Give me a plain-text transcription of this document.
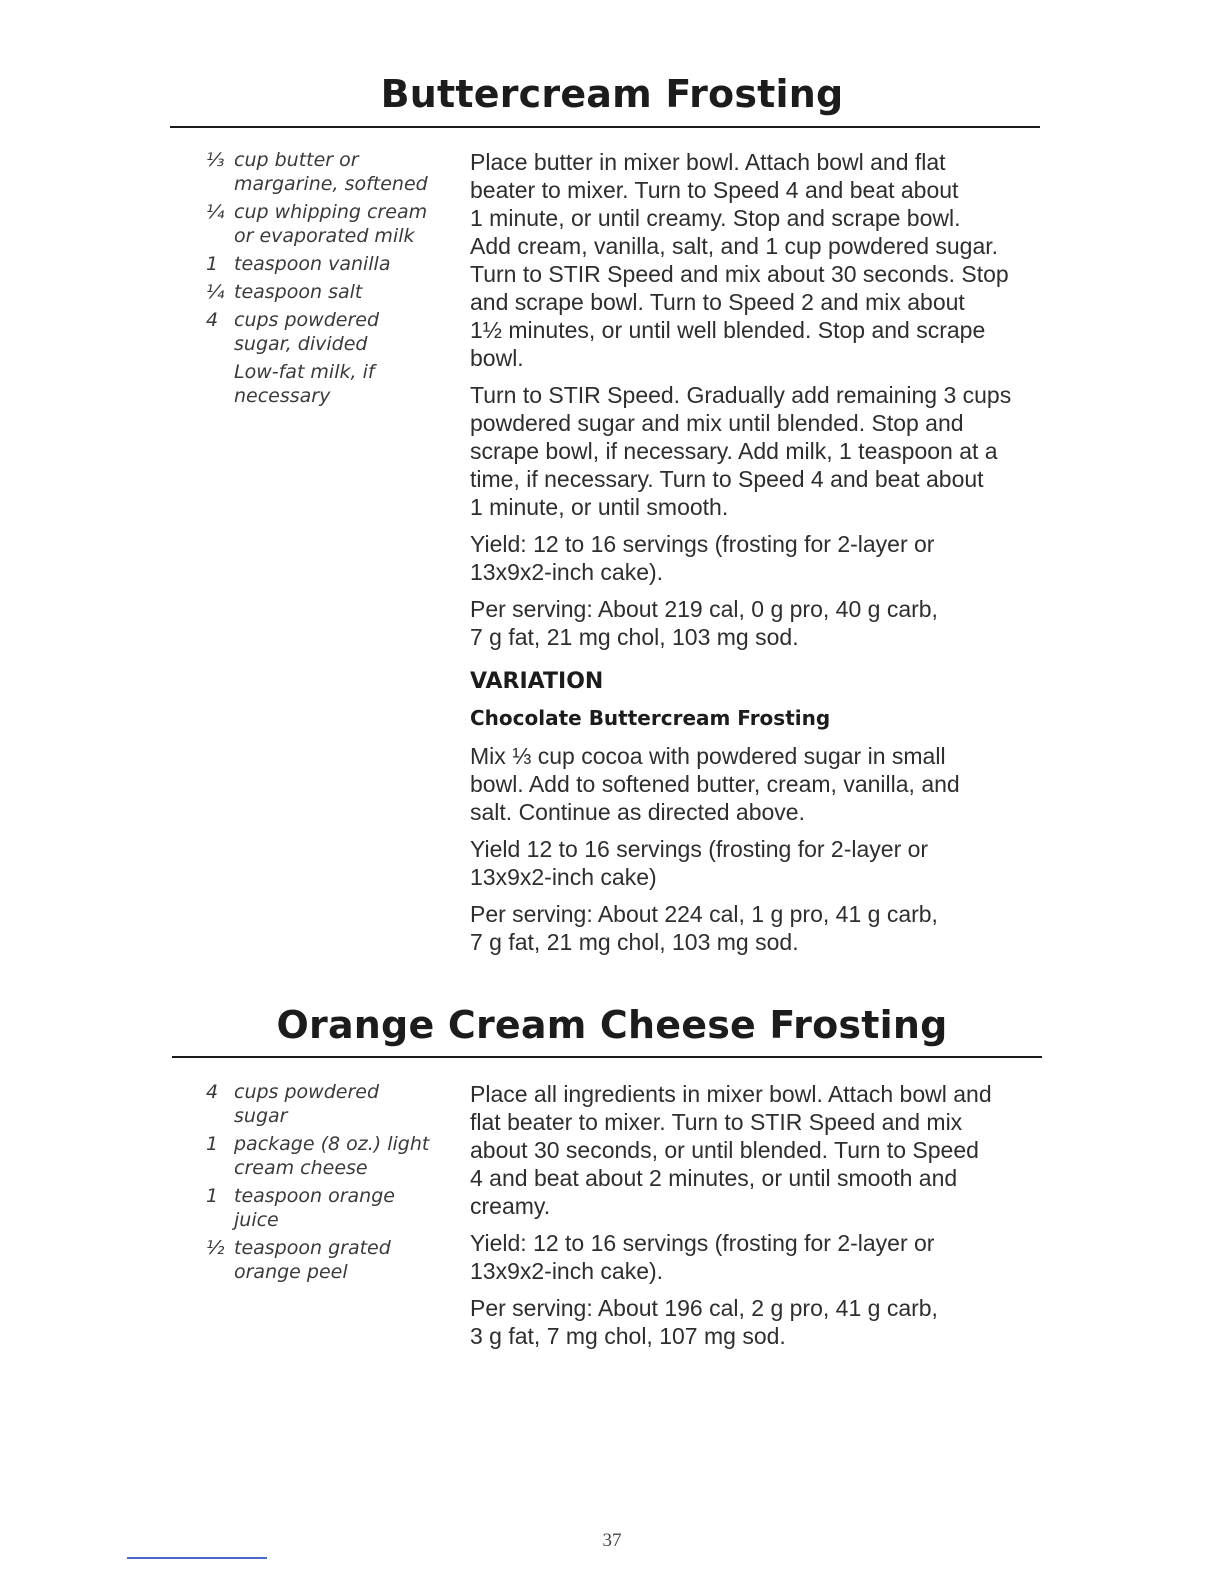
Buttercream Frosting
⅓ cup butter or
margarine, softened
¼ cup whipping cream
or evaporated milk
1 teaspoon vanilla
¼ teaspoon salt
4 cups powdered
sugar, divided
Low-fat milk, if
necessary

Place butter in mixer bowl. Attach bowl and flat
beater to mixer. Turn to Speed 4 and beat about
1 minute, or until creamy. Stop and scrape bowl.
Add cream, vanilla, salt, and 1 cup powdered sugar.
Turn to STIR Speed and mix about 30 seconds. Stop
and scrape bowl. Turn to Speed 2 and mix about
1½ minutes, or until well blended. Stop and scrape
bowl.

Turn to STIR Speed. Gradually add remaining 3 cups
powdered sugar and mix until blended. Stop and
scrape bowl, if necessary. Add milk, 1 teaspoon at a
time, if necessary. Turn to Speed 4 and beat about
1 minute, or until smooth.

Yield: 12 to 16 servings (frosting for 2-layer or
13x9x2-inch cake).

Per serving: About 219 cal, 0 g pro, 40 g carb,
7 g fat, 21 mg chol, 103 mg sod.

VARIATION
Chocolate Buttercream Frosting

Mix ⅓ cup cocoa with powdered sugar in small
bowl. Add to softened butter, cream, vanilla, and
salt. Continue as directed above.

Yield 12 to 16 servings (frosting for 2-layer or
13x9x2-inch cake)

Per serving: About 224 cal, 1 g pro, 41 g carb,
7 g fat, 21 mg chol, 103 mg sod.

Orange Cream Cheese Frosting
4 cups powdered
sugar
1 package (8 oz.) light
cream cheese
1 teaspoon orange
juice
½ teaspoon grated
orange peel

Place all ingredients in mixer bowl. Attach bowl and
flat beater to mixer. Turn to STIR Speed and mix
about 30 seconds, or until blended. Turn to Speed
4 and beat about 2 minutes, or until smooth and
creamy.

Yield: 12 to 16 servings (frosting for 2-layer or
13x9x2-inch cake).

Per serving: About 196 cal, 2 g pro, 41 g carb,
3 g fat, 7 mg chol, 107 mg sod.

37
